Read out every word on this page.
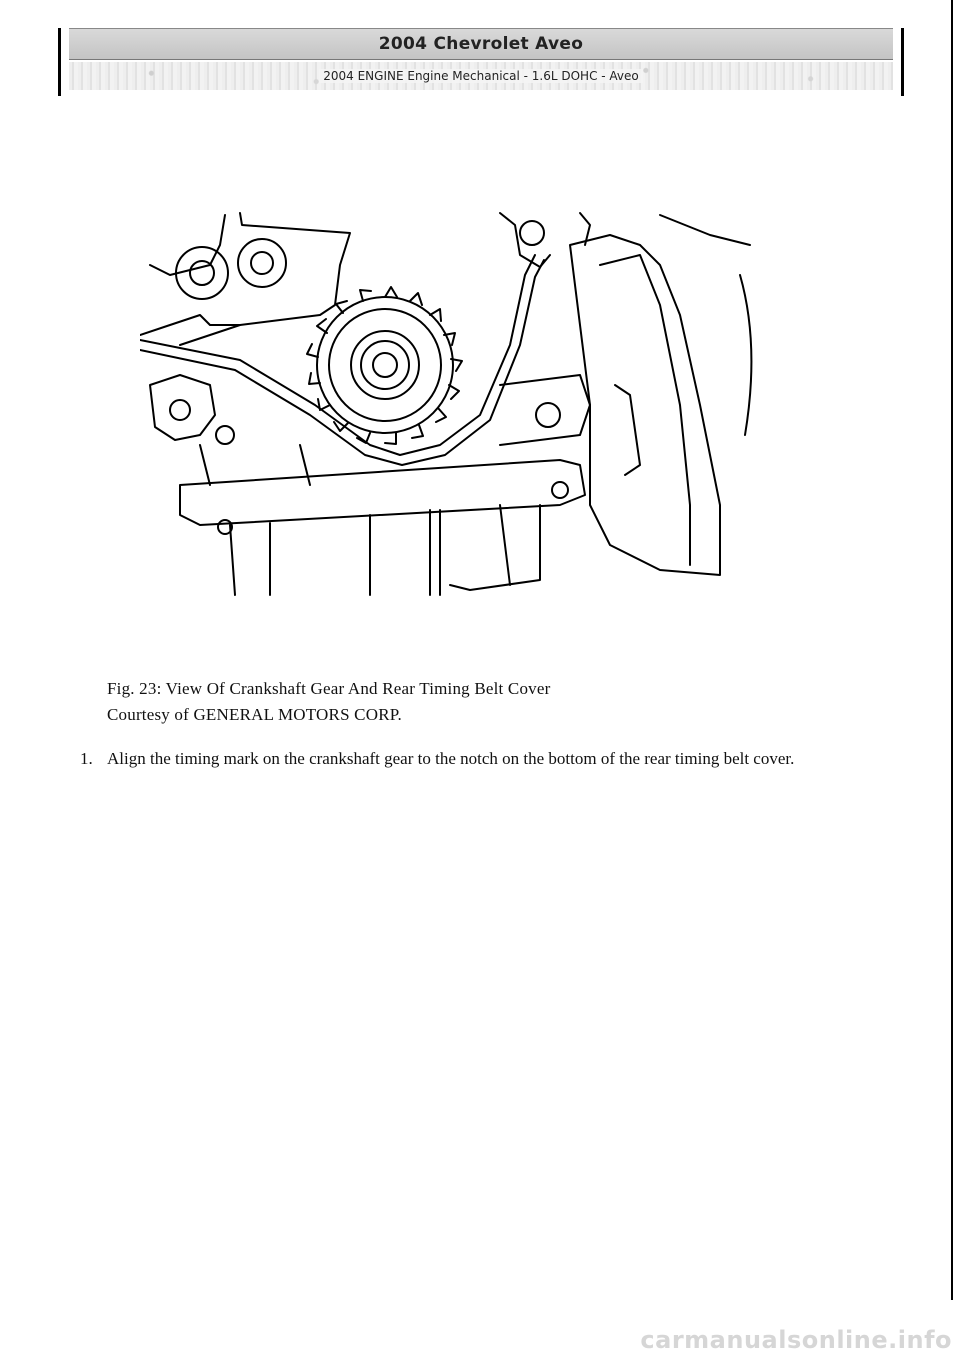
2004 Chevrolet Aveo
2004 ENGINE Engine Mechanical - 1.6L DOHC - Aveo
Fig. 23: View Of Crankshaft Gear And Rear Timing Belt Cover
Courtesy of GENERAL MOTORS CORP.
1. Align the timing mark on the crankshaft gear to the notch on the bottom of the rear timing belt cover.
carmanualsonline.info
